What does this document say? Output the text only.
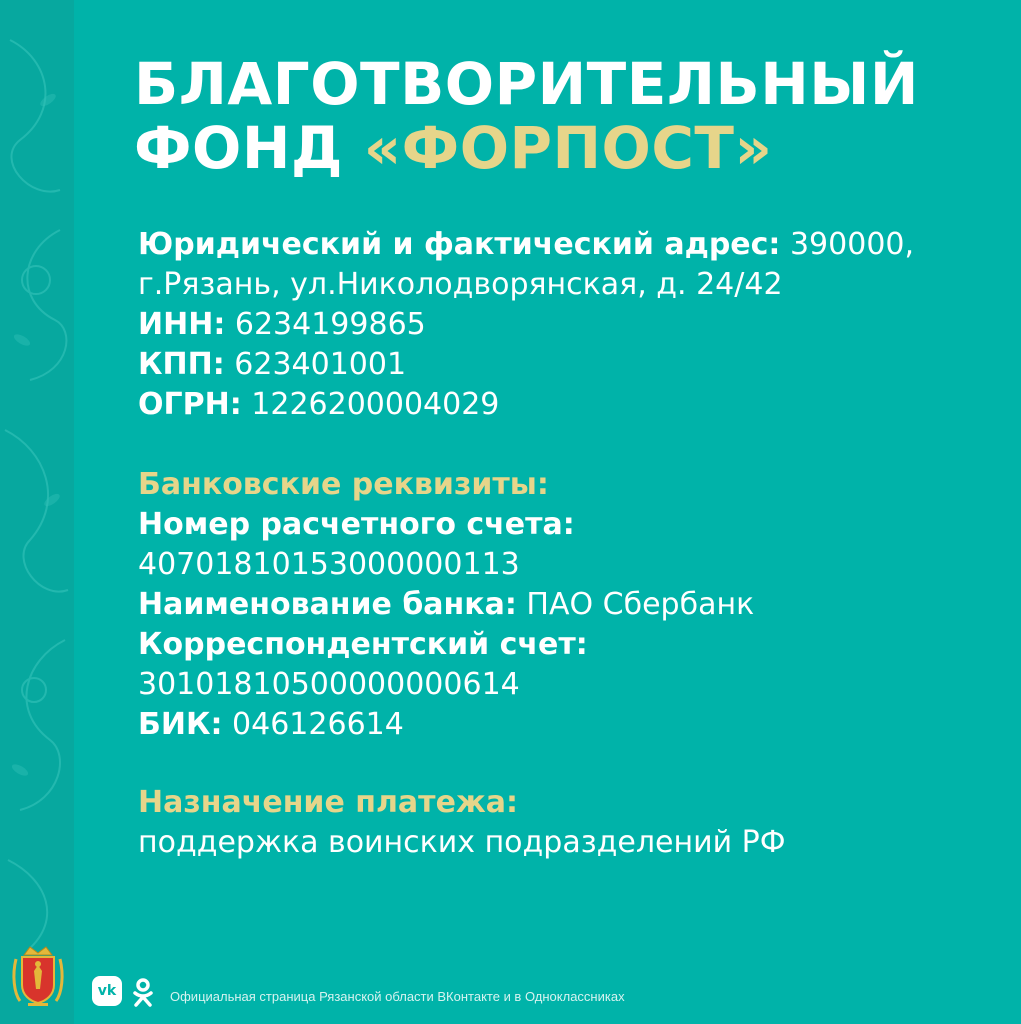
БЛАГОТВОРИТЕЛЬНЫЙ
ФОНД «ФОРПОСТ»
Юридический и фактический адрес: 390000,
г.Рязань, ул.Николодворянская, д. 24/42
ИНН: 6234199865
КПП: 623401001
ОГРН: 1226200004029
Банковские реквизиты:
Номер расчетного счета:
40701810153000000113
Наименование банка: ПАО Сбербанк
Корреспондентский счет:
30101810500000000614
БИК: 046126614
Назначение платежа:
поддержка воинских подразделений РФ
vk	Официальная страница Рязанской области ВКонтакте и в Одноклассниках
